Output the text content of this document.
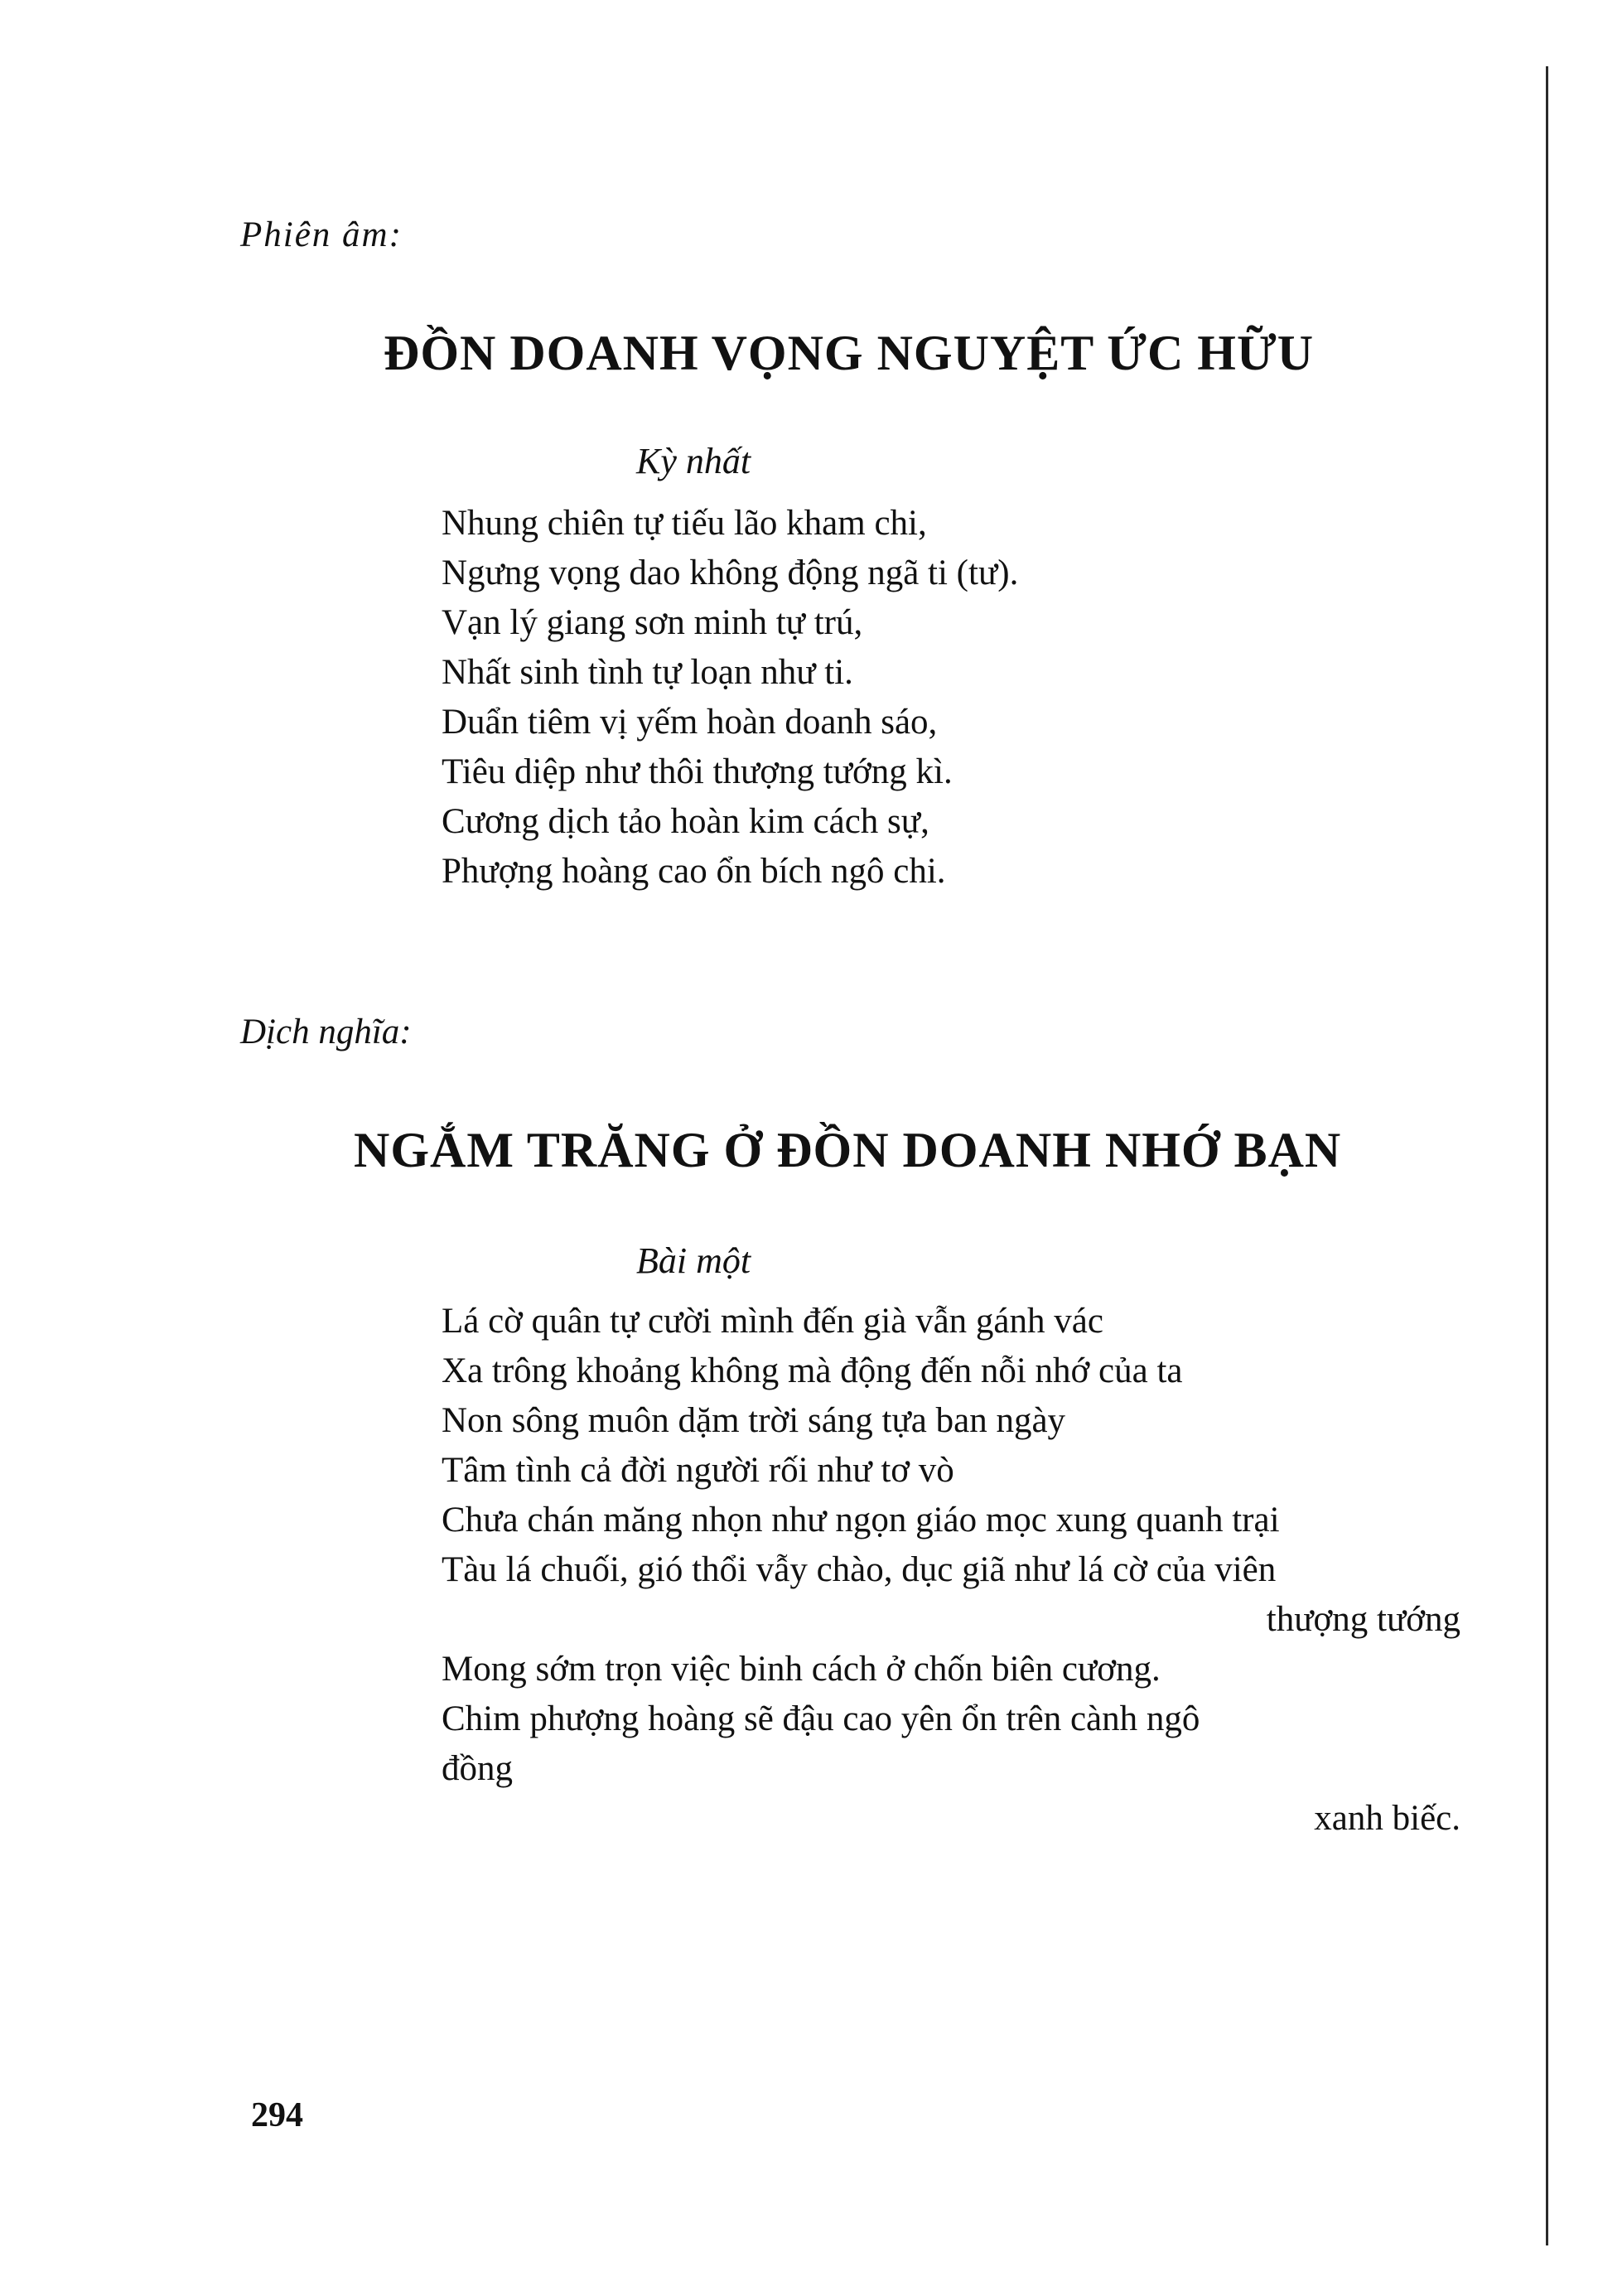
Phiên âm:
ĐỒN DOANH VỌNG NGUYỆT ỨC HỮU
Kỳ nhất
Nhung chiên tự tiếu lão kham chi,
Ngưng vọng dao không động ngã ti (tư).
Vạn lý giang sơn minh tự trú,
Nhất sinh tình tự loạn như ti.
Duẩn tiêm vị yếm hoàn doanh sáo,
Tiêu diệp như thôi thượng tướng kì.
Cương dịch tảo hoàn kim cách sự,
Phượng hoàng cao ổn bích ngô chi.
Dịch nghĩa:
NGẮM TRĂNG Ở ĐỒN DOANH NHỚ BẠN
Bài một
Lá cờ quân tự cười mình đến già vẫn gánh vác
Xa trông khoảng không mà động đến nỗi nhớ của ta
Non sông muôn dặm trời sáng tựa ban ngày
Tâm tình cả đời người rối như tơ vò
Chưa chán măng nhọn như ngọn giáo mọc xung quanh trại
Tàu lá chuối, gió thổi vẫy chào, dục giã như lá cờ của viên
thượng tướng
Mong sớm trọn việc binh cách ở chốn biên cương.
Chim phượng hoàng sẽ đậu cao yên ổn trên cành ngô
đồng
xanh biếc.
294
